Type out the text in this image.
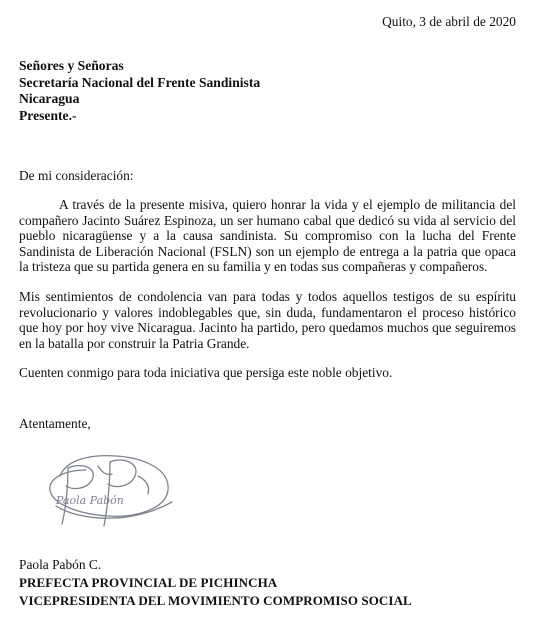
Quito, 3 de abril de 2020
Señores y Señoras
Secretaría Nacional del Frente Sandinista
Nicaragua
Presente.-
De mi consideración:

A través de la presente misiva, quiero honrar la vida y el ejemplo de militancia del compañero Jacinto Suárez Espinoza, un ser humano cabal que dedicó su vida al servicio del pueblo nicaragüense y a la causa sandinista. Su compromiso con la lucha del Frente Sandinista de Liberación Nacional (FSLN) son un ejemplo de entrega a la patria que opaca la tristeza que su partida genera en su familia y en todas sus compañeras y compañeros.

Mis sentimientos de condolencia van para todas y todos aquellos testigos de su espíritu revolucionario y valores indoblegables que, sin duda, fundamentaron el proceso histórico que hoy por hoy vive Nicaragua. Jacinto ha partido, pero quedamos muchos que seguiremos en la batalla por construir la Patria Grande.

Cuenten conmigo para toda iniciativa que persiga este noble objetivo.

Atentamente,
Paola Pabón
Paola Pabón C.
PREFECTA PROVINCIAL DE PICHINCHA
VICEPRESIDENTA DEL MOVIMIENTO COMPROMISO SOCIAL
